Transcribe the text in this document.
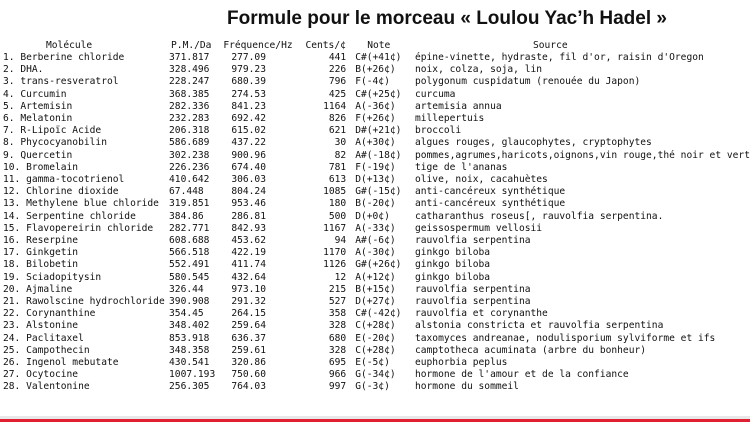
Formule pour le morceau « Loulou Yac’h Hadel »
Molécule	P.M./Da	Fréquence/Hz	Cents/¢	Note	Source
1. Berberine chloride	371.817	277.09	441	C#(+41¢)	épine-vinette, hydraste, fil d'or, raisin d'Oregon
2. DHA.	328.496	979.23	226	B(+26¢)	noix, colza, soja, lin
3. trans-resveratrol	228.247	680.39	796	F(-4¢)	polygonum cuspidatum (renouée du Japon)
4. Curcumin	368.385	274.53	425	C#(+25¢)	curcuma
5. Artemisin	282.336	841.23	1164	A(-36¢)	artemisia annua
6. Melatonin	232.283	692.42	826	F(+26¢)	millepertuis
7. R-Lipoïc Acide	206.318	615.02	621	D#(+21¢)	broccoli
8. Phycocyanobilin	586.689	437.22	30	A(+30¢)	algues rouges, glaucophytes, cryptophytes
9. Quercetin	302.238	900.96	82	A#(-18¢)	pommes,agrumes,haricots,oignons,vin rouge,thé noir et vert
10. Bromelain	226.236	674.40	781	F(-19¢)	tige de l'ananas
11. gamma-tocotrienol	410.642	306.03	613	D(+13¢)	olive, noix, cacahuètes
12. Chlorine dioxide	67.448	804.24	1085	G#(-15¢)	anti-cancéreux synthétique
13. Methylene blue chloride	319.851	953.46	180	B(-20¢)	anti-cancéreux synthétique
14. Serpentine chloride	384.86	286.81	500	D(+0¢)	catharanthus roseus[, rauvolfia serpentina.
15. Flavopereirin chloride	282.771	842.93	1167	A(-33¢)	geissospermum vellosii
16. Reserpine	608.688	453.62	94	A#(-6¢)	rauvolfia serpentina
17. Ginkgetin	566.518	422.19	1170	A(-30¢)	ginkgo biloba
18. Bilobetin	552.491	411.74	1126	G#(+26¢)	ginkgo biloba
19. Sciadopitysin	580.545	432.64	12	A(+12¢)	ginkgo biloba
20. Ajmaline	326.44	973.10	215	B(+15¢)	rauvolfia serpentina
21. Rawolscine hydrochloride	390.908	291.32	527	D(+27¢)	rauvolfia serpentina
22. Corynanthine	354.45	264.15	358	C#(-42¢)	rauvolfia et corynanthe
23. Alstonine	348.402	259.64	328	C(+28¢)	alstonia constricta et rauvolfia serpentina
24. Paclitaxel	853.918	636.37	680	E(-20¢)	taxomyces andreanae, nodulisporium sylviforme et ifs
25. Campothecin	348.358	259.61	328	C(+28¢)	camptotheca acuminata (arbre du bonheur)
26. Ingenol mebutate	430.541	320.86	695	E(-5¢)	euphorbia peplus
27. Ocytocine	1007.193	750.60	966	G(-34¢)	hormone de l'amour et de la confiance
28. Valentonine	256.305	764.03	997	G(-3¢)	hormone du sommeil
